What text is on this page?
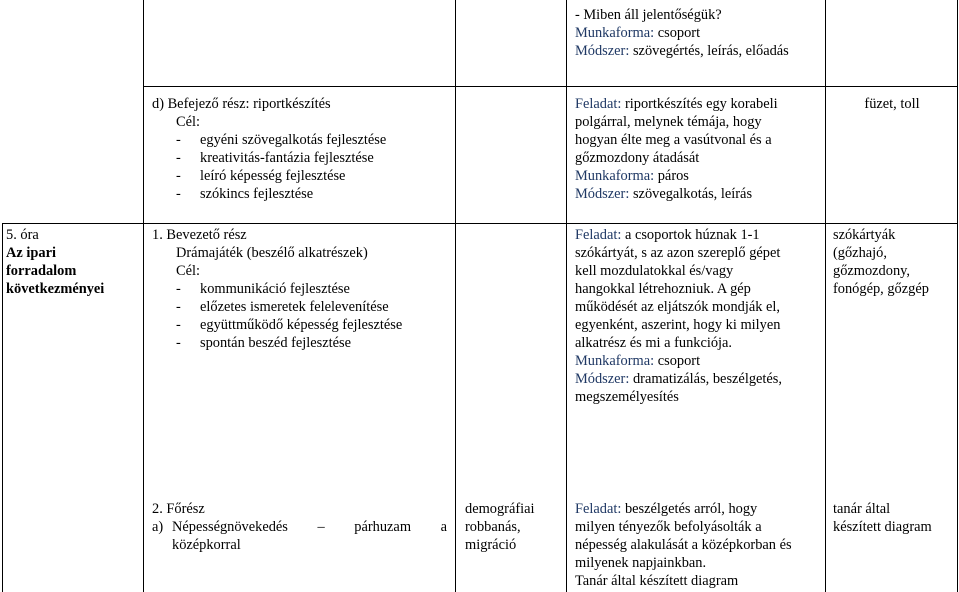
- Miben áll jelentőségük?
Munkaforma: csoport
Módszer: szövegértés, leírás, előadás
d) Befejező rész: riportkészítés
Cél:
- egyéni szövegalkotás fejlesztése
- kreativitás-fantázia fejlesztése
- leíró képesség fejlesztése
- szókincs fejlesztése
Feladat: riportkészítés egy korabeli
polgárral, melynek témája, hogy
hogyan élte meg a vasútvonal és a
gőzmozdony átadását
Munkaforma: páros
Módszer: szövegalkotás, leírás
füzet, toll
5. óra
Az ipari
forradalom
következményei
1. Bevezető rész
Drámajáték (beszélő alkatrészek)
Cél:
- kommunikáció fejlesztése
- előzetes ismeretek felelevenítése
- együttműködő képesség fejlesztése
- spontán beszéd fejlesztése
Feladat: a csoportok húznak 1-1
szókártyát, s az azon szereplő gépet
kell mozdulatokkal és/vagy
hangokkal létrehozniuk. A gép
működését az eljátszók mondják el,
egyenként, aszerint, hogy ki milyen
alkatrész és mi a funkciója.
Munkaforma: csoport
Módszer: dramatizálás, beszélgetés,
megszemélyesítés
szókártyák
(gőzhajó,
gőzmozdony,
fonógép, gőzgép
2. Főrész
a) Népességnövekedés – párhuzam a
középkorral
demográfiai
robbanás,
migráció
Feladat: beszélgetés arról, hogy
milyen tényezők befolyásolták a
népesség alakulását a középkorban és
milyenek napjainkban.
Tanár által készített diagram
tanár által
készített diagram
